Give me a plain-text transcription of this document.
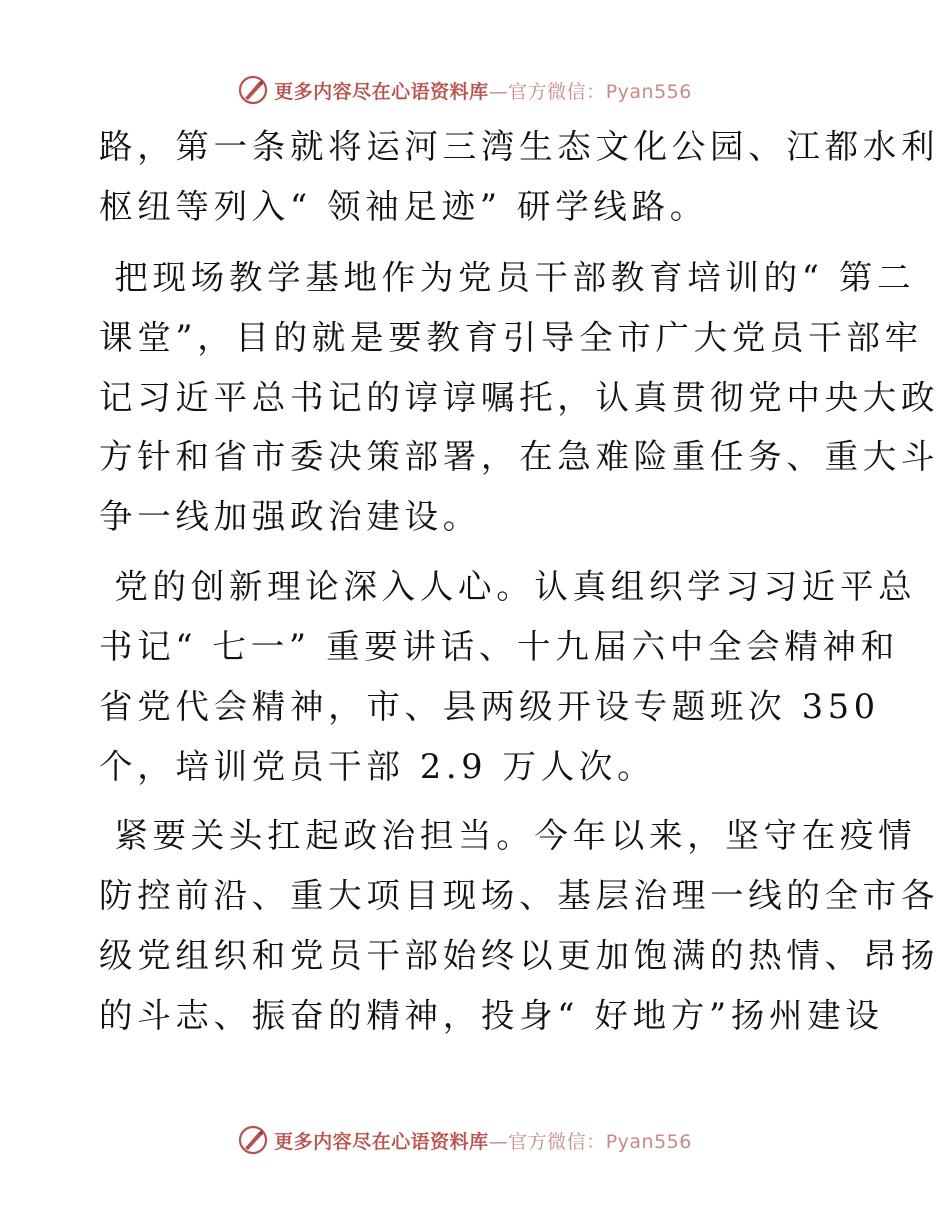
更多内容尽在心语资料库—官方微信：Pyan556
路，第一条就将运河三湾生态文化公园、江都水利
枢纽等列入“ 领袖足迹” 研学线路。
把现场教学基地作为党员干部教育培训的“ 第二
课堂”，目的就是要教育引导全市广大党员干部牢
记习近平总书记的谆谆嘱托，认真贯彻党中央大政
方针和省市委决策部署，在急难险重任务、重大斗
争一线加强政治建设。
党的创新理论深入人心。认真组织学习习近平总
书记“ 七一” 重要讲话、十九届六中全会精神和
省党代会精神，市、县两级开设专题班次 350
个，培训党员干部 2.9 万人次。
紧要关头扛起政治担当。今年以来，坚守在疫情
防控前沿、重大项目现场、基层治理一线的全市各
级党组织和党员干部始终以更加饱满的热情、昂扬
的斗志、振奋的精神，投身“ 好地方”扬州建设
更多内容尽在心语资料库—官方微信：Pyan556
